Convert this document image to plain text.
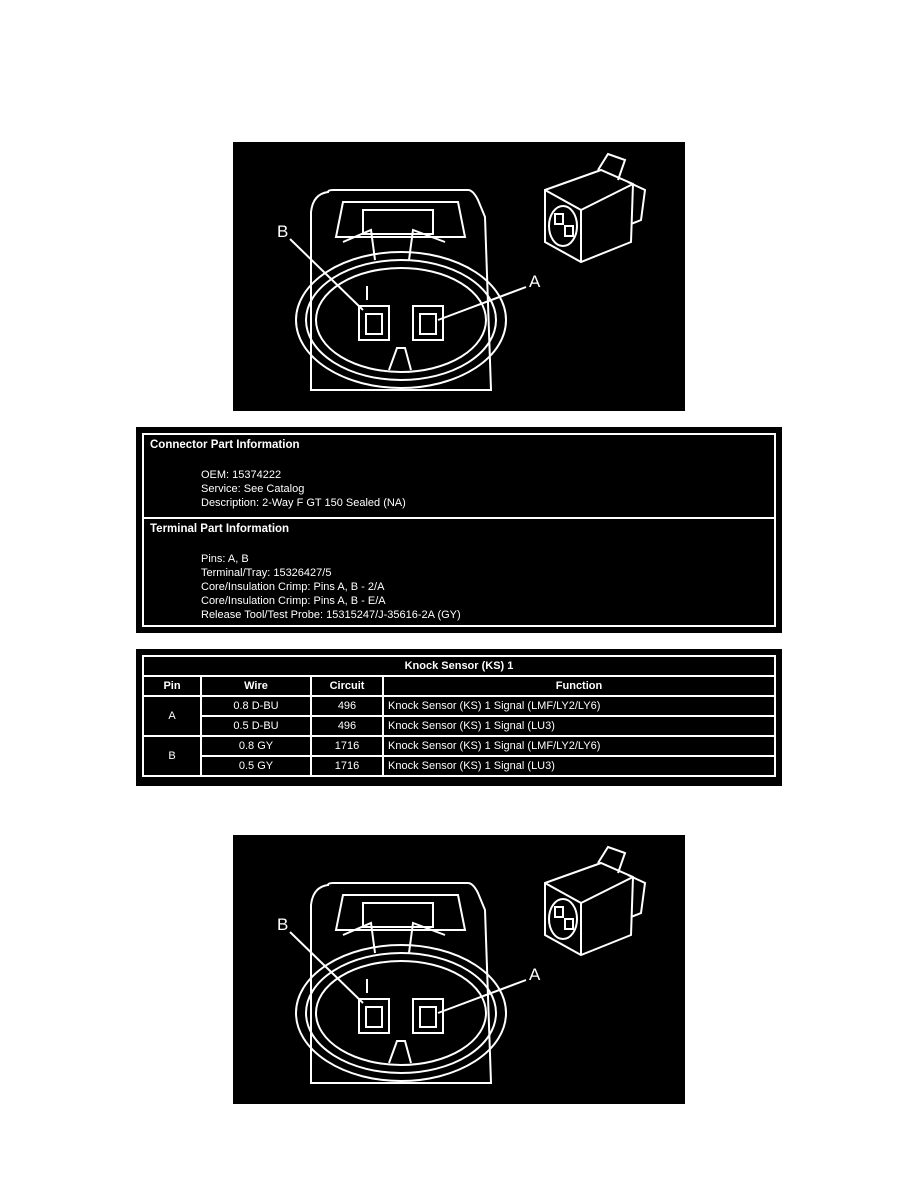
B
A
Connector Part Information
OEM: 15374222
Service: See Catalog
Description: 2-Way F GT 150 Sealed (NA)
Terminal Part Information
Pins: A, B
Terminal/Tray: 15326427/5
Core/Insulation Crimp: Pins A, B - 2/A
Core/Insulation Crimp: Pins A, B - E/A
Release Tool/Test Probe: 15315247/J-35616-2A (GY)
Knock Sensor (KS) 1			
Pin	Wire	Circuit	Function
A	0.8 D-BU	496	Knock Sensor (KS) 1 Signal (LMF/LY2/LY6)
	0.5 D-BU	496	Knock Sensor (KS) 1 Signal (LU3)
B	0.8 GY	1716	Knock Sensor (KS) 1 Signal (LMF/LY2/LY6)
	0.5 GY	1716	Knock Sensor (KS) 1 Signal (LU3)
B
A
